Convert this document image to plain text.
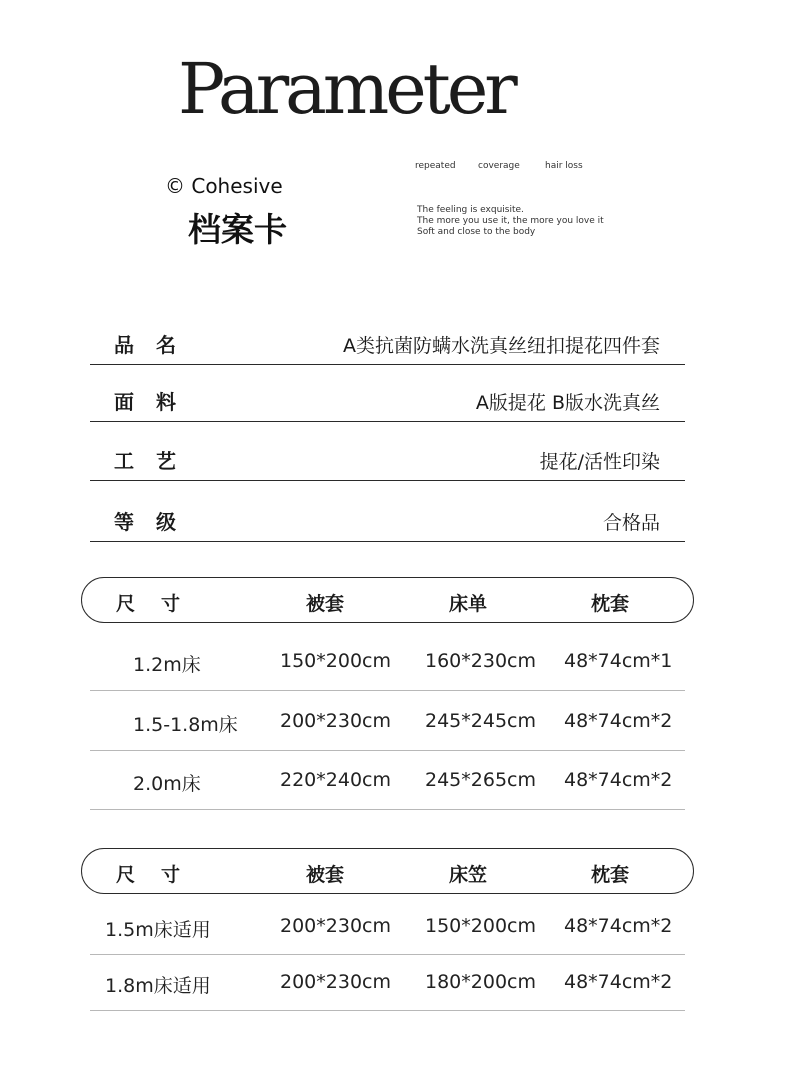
Parameter
© Cohesive
档案卡
repeated coverage	hair loss
The feeling is exquisite.
The more you use it, the more you love it
Soft and close to the body
品名	A类抗菌防螨水洗真丝纽扣提花四件套
面料	A版提花 B版水洗真丝
工艺	提花/活性印染
等级	合格品
尺寸	被套	床单	枕套
1.2m床	150*200cm 160*230cm 48*74cm*1
1.5-1.8m床 200*230cm 245*245cm 48*74cm*2
2.0m床	220*240cm 245*265cm 48*74cm*2
尺寸	被套	床笠	枕套
1.5m床适用	200*230cm 150*200cm 48*74cm*2
1.8m床适用	200*230cm 180*200cm 48*74cm*2
